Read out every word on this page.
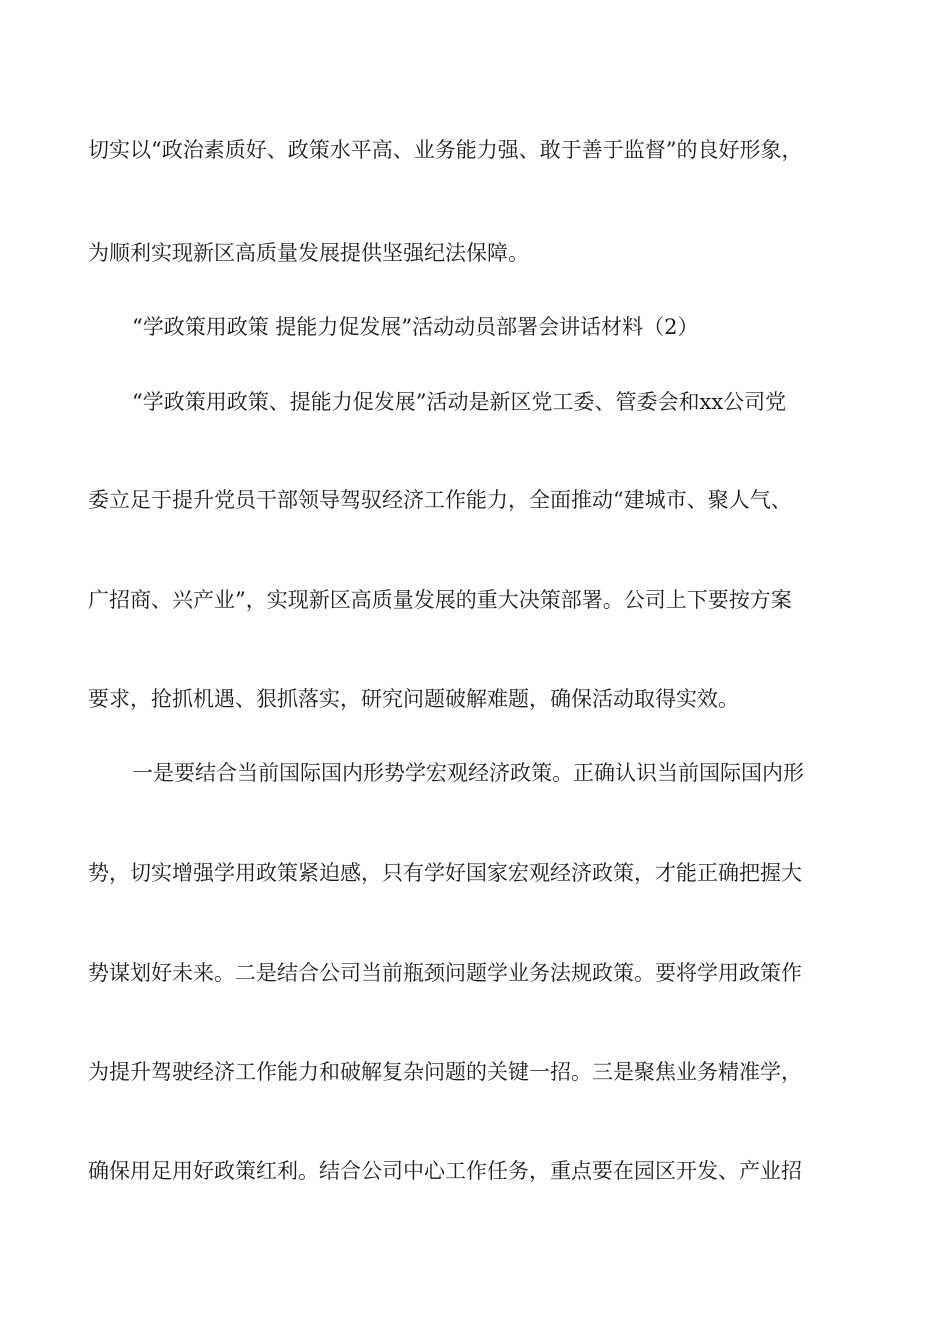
切实以“政治素质好、政策水平高、业务能力强、敢于善于监督”的良好形象，
为顺利实现新区高质量发展提供坚强纪法保障。
“学政策用政策 提能力促发展”活动动员部署会讲话材料（2）
“学政策用政策、提能力促发展”活动是新区党工委、管委会和xx公司党
委立足于提升党员干部领导驾驭经济工作能力，全面推动“建城市、聚人气、
广招商、兴产业”，实现新区高质量发展的重大决策部署。公司上下要按方案
要求，抢抓机遇、狠抓落实，研究问题破解难题，确保活动取得实效。
一是要结合当前国际国内形势学宏观经济政策。正确认识当前国际国内形
势，切实增强学用政策紧迫感，只有学好国家宏观经济政策，才能正确把握大
势谋划好未来。二是结合公司当前瓶颈问题学业务法规政策。要将学用政策作
为提升驾驶经济工作能力和破解复杂问题的关键一招。三是聚焦业务精准学，
确保用足用好政策红利。结合公司中心工作任务，重点要在园区开发、产业招
